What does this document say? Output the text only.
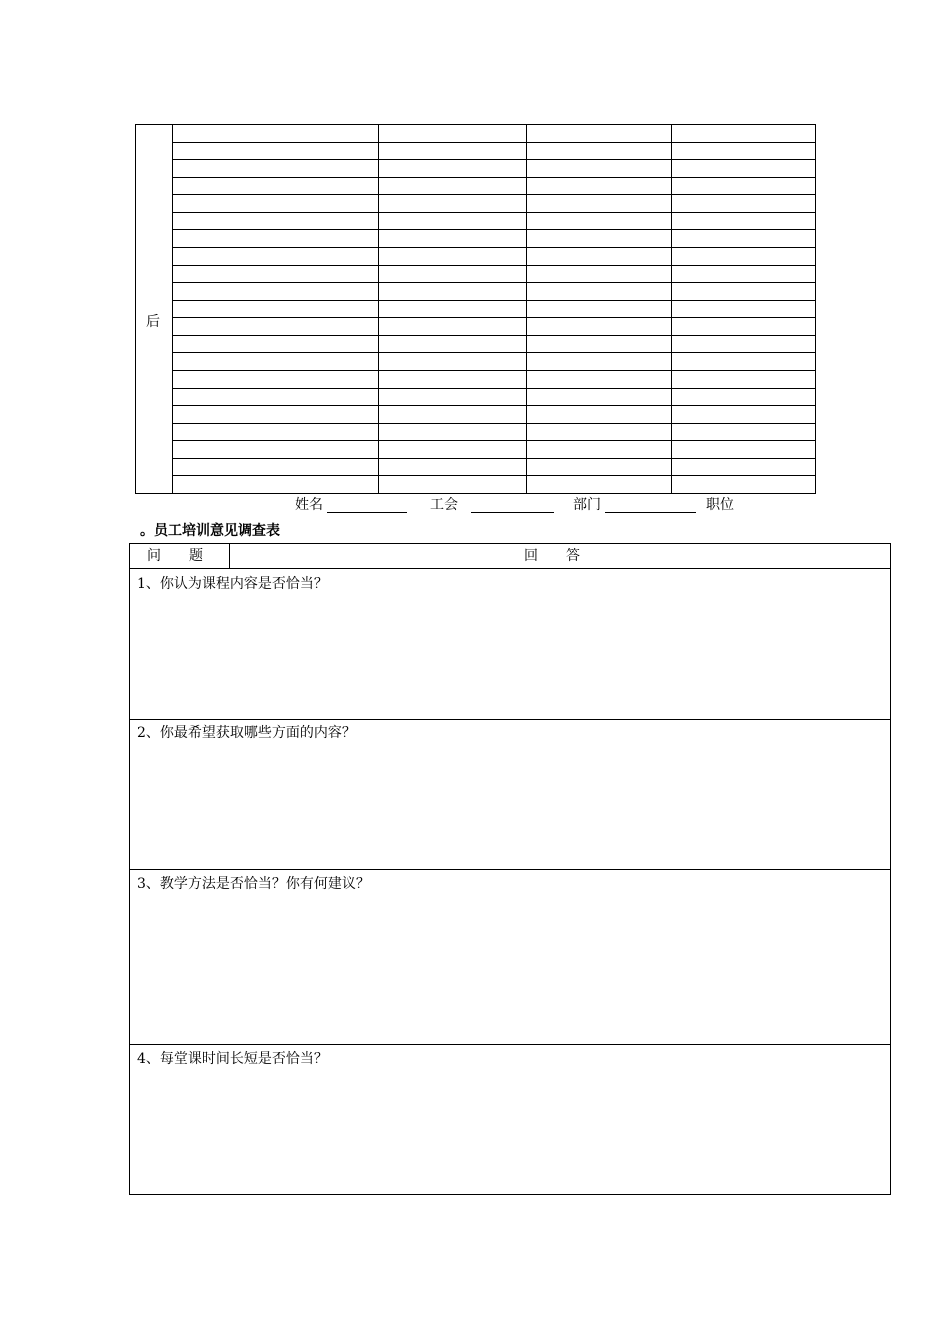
后
姓名	工会	部门	职位
。员工培训意见调查表
问　　题	回　　答
1、你认为课程内容是否恰当？
2、你最希望获取哪些方面的内容？
3、教学方法是否恰当？你有何建议？
4、每堂课时间长短是否恰当？
